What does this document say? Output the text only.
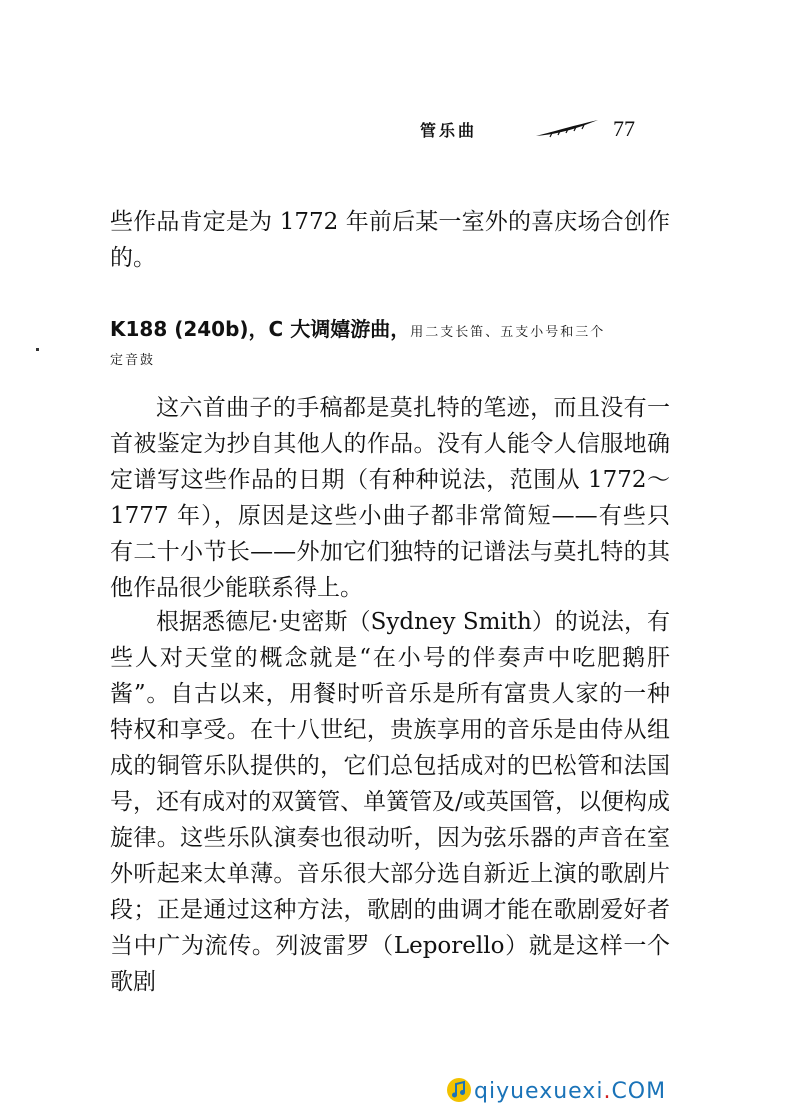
管乐曲	77
些作品肯定是为 1772 年前后某一室外的喜庆场合创作的。
K188 (240b)，C 大调嬉游曲，用二支长笛、五支小号和三个
定音鼓
这六首曲子的手稿都是莫扎特的笔迹，而且没有一首被鉴定为抄自其他人的作品。没有人能令人信服地确定谱写这些作品的日期（有种种说法，范围从 1772～1777 年），原因是这些小曲子都非常简短——有些只有二十小节长——外加它们独特的记谱法与莫扎特的其他作品很少能联系得上。
根据悉德尼·史密斯（Sydney Smith）的说法，有些人对天堂的概念就是“在小号的伴奏声中吃肥鹅肝酱”。自古以来，用餐时听音乐是所有富贵人家的一种特权和享受。在十八世纪，贵族享用的音乐是由侍从组成的铜管乐队提供的，它们总包括成对的巴松管和法国号，还有成对的双簧管、单簧管及/或英国管，以便构成旋律。这些乐队演奏也很动听，因为弦乐器的声音在室外听起来太单薄。音乐很大部分选自新近上演的歌剧片段；正是通过这种方法，歌剧的曲调才能在歌剧爱好者当中广为流传。列波雷罗（Leporello）就是这样一个歌剧
qiyuexuexi.COM
